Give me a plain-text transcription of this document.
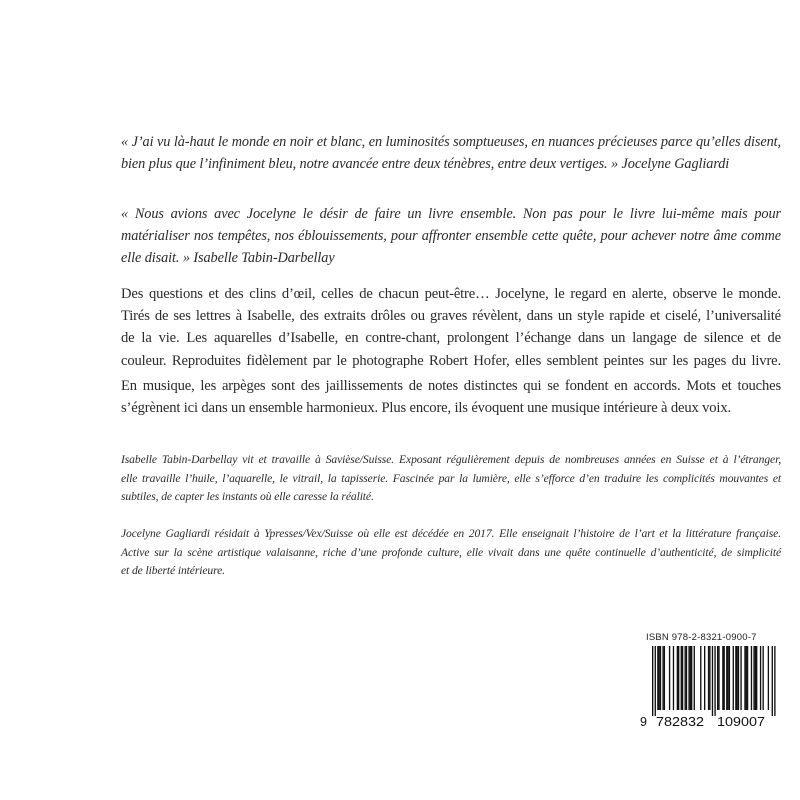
« J’ai vu là-haut le monde en noir et blanc, en luminosités somptueuses, en nuances précieuses parce qu’elles disent,
bien plus que l’infiniment bleu, notre avancée entre deux ténèbres, entre deux vertiges. » Jocelyne Gagliardi
« Nous avions avec Jocelyne le désir de faire un livre ensemble. Non pas pour le livre lui-même mais pour
matérialiser nos tempêtes, nos éblouissements, pour affronter ensemble cette quête, pour achever notre âme comme
elle disait. » Isabelle Tabin-Darbellay
Des questions et des clins d’œil, celles de chacun peut-être… Jocelyne, le regard en alerte, observe le monde.
Tirés de ses lettres à Isabelle, des extraits drôles ou graves révèlent, dans un style rapide et ciselé, l’universalité
de la vie. Les aquarelles d’Isabelle, en contre-chant, prolongent l’échange dans un langage de silence et de
couleur. Reproduites fidèlement par le photographe Robert Hofer, elles semblent peintes sur les pages du livre.
En musique, les arpèges sont des jaillissements de notes distinctes qui se fondent en accords. Mots et touches
s’égrènent ici dans un ensemble harmonieux. Plus encore, ils évoquent une musique intérieure à deux voix.
Isabelle Tabin-Darbellay vit et travaille à Savièse/Suisse. Exposant régulièrement depuis de nombreuses années en Suisse et à l’étranger,
elle travaille l’huile, l’aquarelle, le vitrail, la tapisserie. Fascinée par la lumière, elle s’efforce d’en traduire les complicités mouvantes et
subtiles, de capter les instants où elle caresse la réalité.
Jocelyne Gagliardi résidait à Ypresses/Vex/Suisse où elle est décédée en 2017. Elle enseignait l’histoire de l’art et la littérature française.
Active sur la scène artistique valaisanne, riche d’une profonde culture, elle vivait dans une quête continuelle d’authenticité, de simplicité
et de liberté intérieure.
ISBN 978-2-8321-0900-7
9 782832 109007
